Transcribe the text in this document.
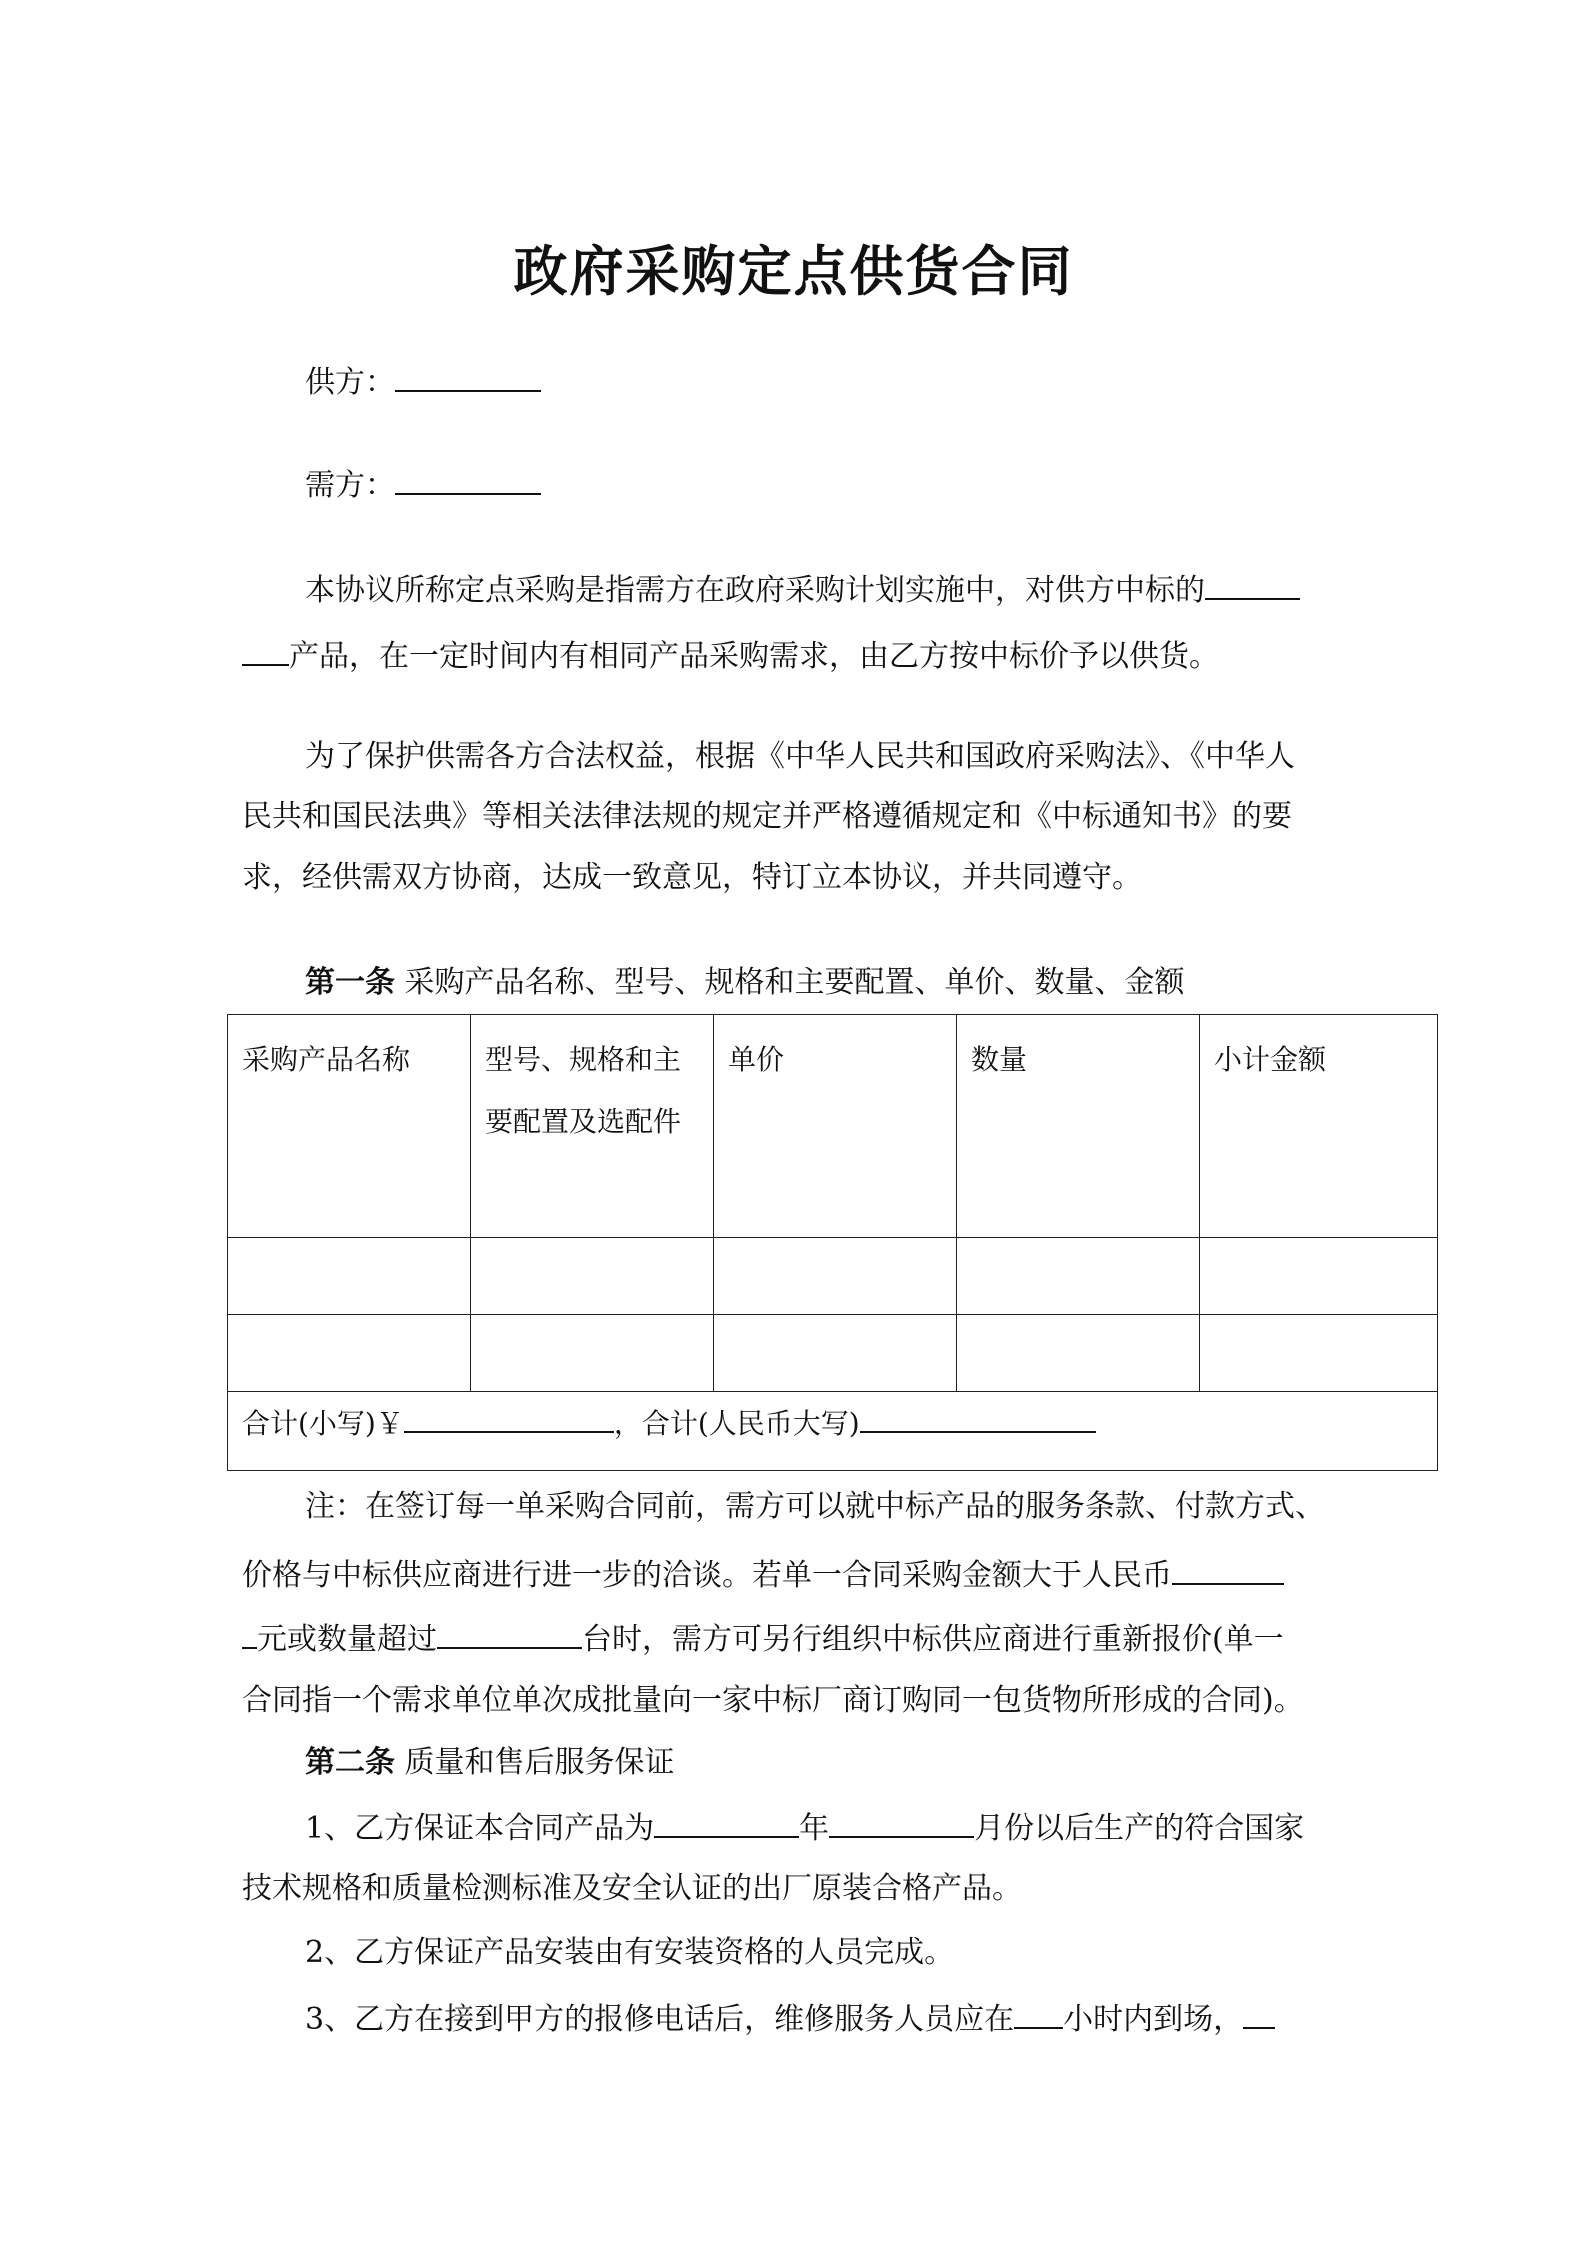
政府采购定点供货合同
供方：
需方：
本协议所称定点采购是指需方在政府采购计划实施中，对供方中标的
产品，在一定时间内有相同产品采购需求，由乙方按中标价予以供货。
为了保护供需各方合法权益，根据《中华人民共和国政府采购法》、《中华人
民共和国民法典》等相关法律法规的规定并严格遵循规定和《中标通知书》的要
求，经供需双方协商，达成一致意见，特订立本协议，并共同遵守。
第一条 采购产品名称、型号、规格和主要配置、单价、数量、金额
采购产品名称	型号、规格和主要配置及选配件	单价	数量	小计金额

合计(小写)￥ ，合计(人民币大写)				
注：在签订每一单采购合同前，需方可以就中标产品的服务条款、付款方式、
价格与中标供应商进行进一步的洽谈。若单一合同采购金额大于人民币
元或数量超过	台时，需方可另行组织中标供应商进行重新报价(单一
合同指一个需求单位单次成批量向一家中标厂商订购同一包货物所形成的合同)。
第二条 质量和售后服务保证
1、乙方保证本合同产品为	年	月份以后生产的符合国家
技术规格和质量检测标准及安全认证的出厂原装合格产品。
2、乙方保证产品安装由有安装资格的人员完成。
3、乙方在接到甲方的报修电话后，维修服务人员应在 小时内到场，
